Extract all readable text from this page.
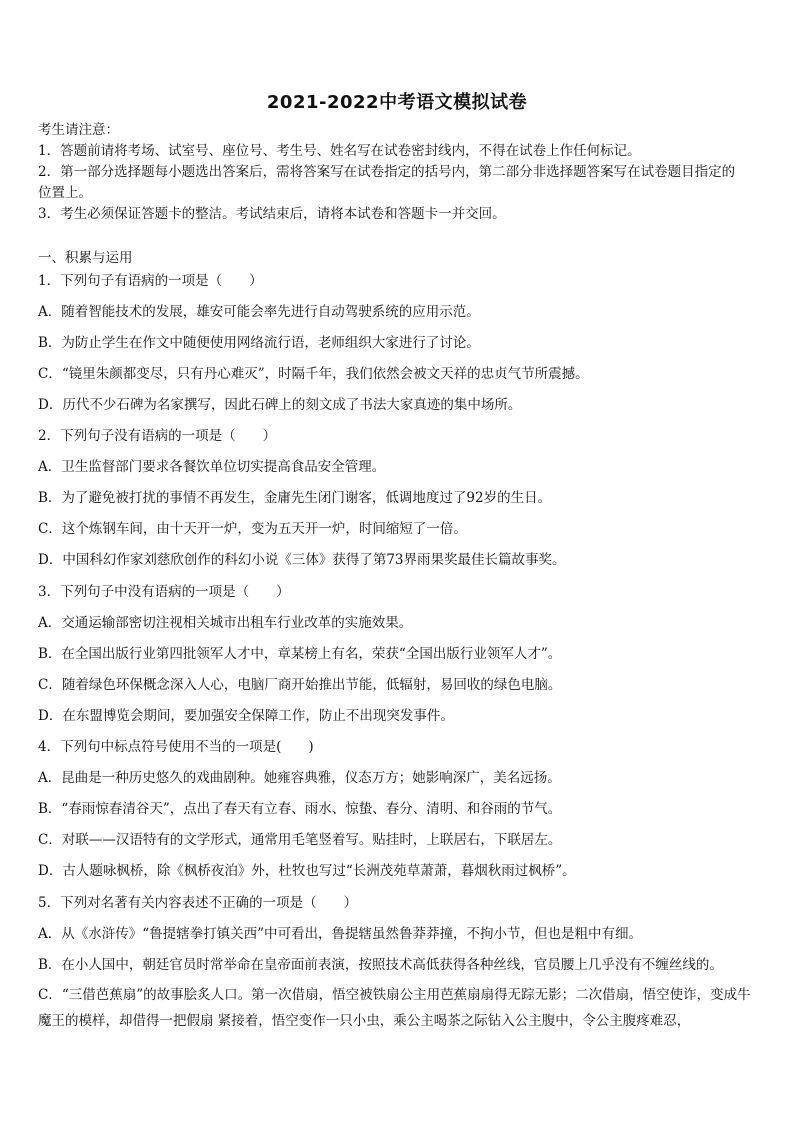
2021-2022中考语文模拟试卷
考生请注意：
1．答题前请将考场、试室号、座位号、考生号、姓名写在试卷密封线内，不得在试卷上作任何标记。
2．第一部分选择题每小题选出答案后，需将答案写在试卷指定的括号内，第二部分非选择题答案写在试卷题目指定的
位置上。
3．考生必须保证答题卡的整洁。考试结束后，请将本试卷和答题卡一并交回。
一、积累与运用
1．下列句子有语病的一项是（　　）
A．随着智能技术的发展，雄安可能会率先进行自动驾驶系统的应用示范。
B．为防止学生在作文中随便使用网络流行语，老师组织大家进行了讨论。
C．“镜里朱颜都变尽，只有丹心难灭”，时隔千年，我们依然会被文天祥的忠贞气节所震撼。
D．历代不少石碑为名家撰写，因此石碑上的刻文成了书法大家真迹的集中场所。
2．下列句子没有语病的一项是（　　）
A．卫生监督部门要求各餐饮单位切实提高食品安全管理。
B．为了避免被打扰的事情不再发生，金庸先生闭门谢客，低调地度过了92岁的生日。
C．这个炼钢车间，由十天开一炉，变为五天开一炉，时间缩短了一倍。
D．中国科幻作家刘慈欣创作的科幻小说《三体》获得了第73界雨果奖最佳长篇故事奖。
3．下列句子中没有语病的一项是（　　）
A．交通运输部密切注视相关城市出租车行业改革的实施效果。
B．在全国出版行业第四批领军人才中，章某榜上有名，荣获“全国出版行业领军人才”。
C．随着绿色环保概念深入人心，电脑厂商开始推出节能，低辐射，易回收的绿色电脑。
D．在东盟博览会期间，要加强安全保障工作，防止不出现突发事件。
4．下列句中标点符号使用不当的一项是(　　)
A．昆曲是一种历史悠久的戏曲剧种。她雍容典雅，仪态万方；她影响深广，美名远扬。
B．“春雨惊春清谷天”，点出了春天有立春、雨水、惊蛰、春分、清明、和谷雨的节气。
C．对联——汉语特有的文学形式，通常用毛笔竖着写。贴挂时，上联居右，下联居左。
D．古人题咏枫桥，除《枫桥夜泊》外，杜牧也写过“长洲茂苑草萧萧，暮烟秋雨过枫桥”。
5．下列对名著有关内容表述不正确的一项是（　　）
A．从《水浒传》“鲁提辖拳打镇关西”中可看出，鲁提辖虽然鲁莽莽撞，不拘小节，但也是粗中有细。
B．在小人国中，朝廷官员时常举命在皇帝面前表演，按照技术高低获得各种丝线，官员腰上几乎没有不缠丝线的。
C．“三借芭蕉扇”的故事脍炙人口。第一次借扇，悟空被铁扇公主用芭蕉扇扇得无踪无影；二次借扇，悟空使诈，变成牛魔王的模样，却借得一把假扇 紧接着，悟空变作一只小虫，乘公主喝茶之际钻入公主腹中，令公主腹疼难忍，
